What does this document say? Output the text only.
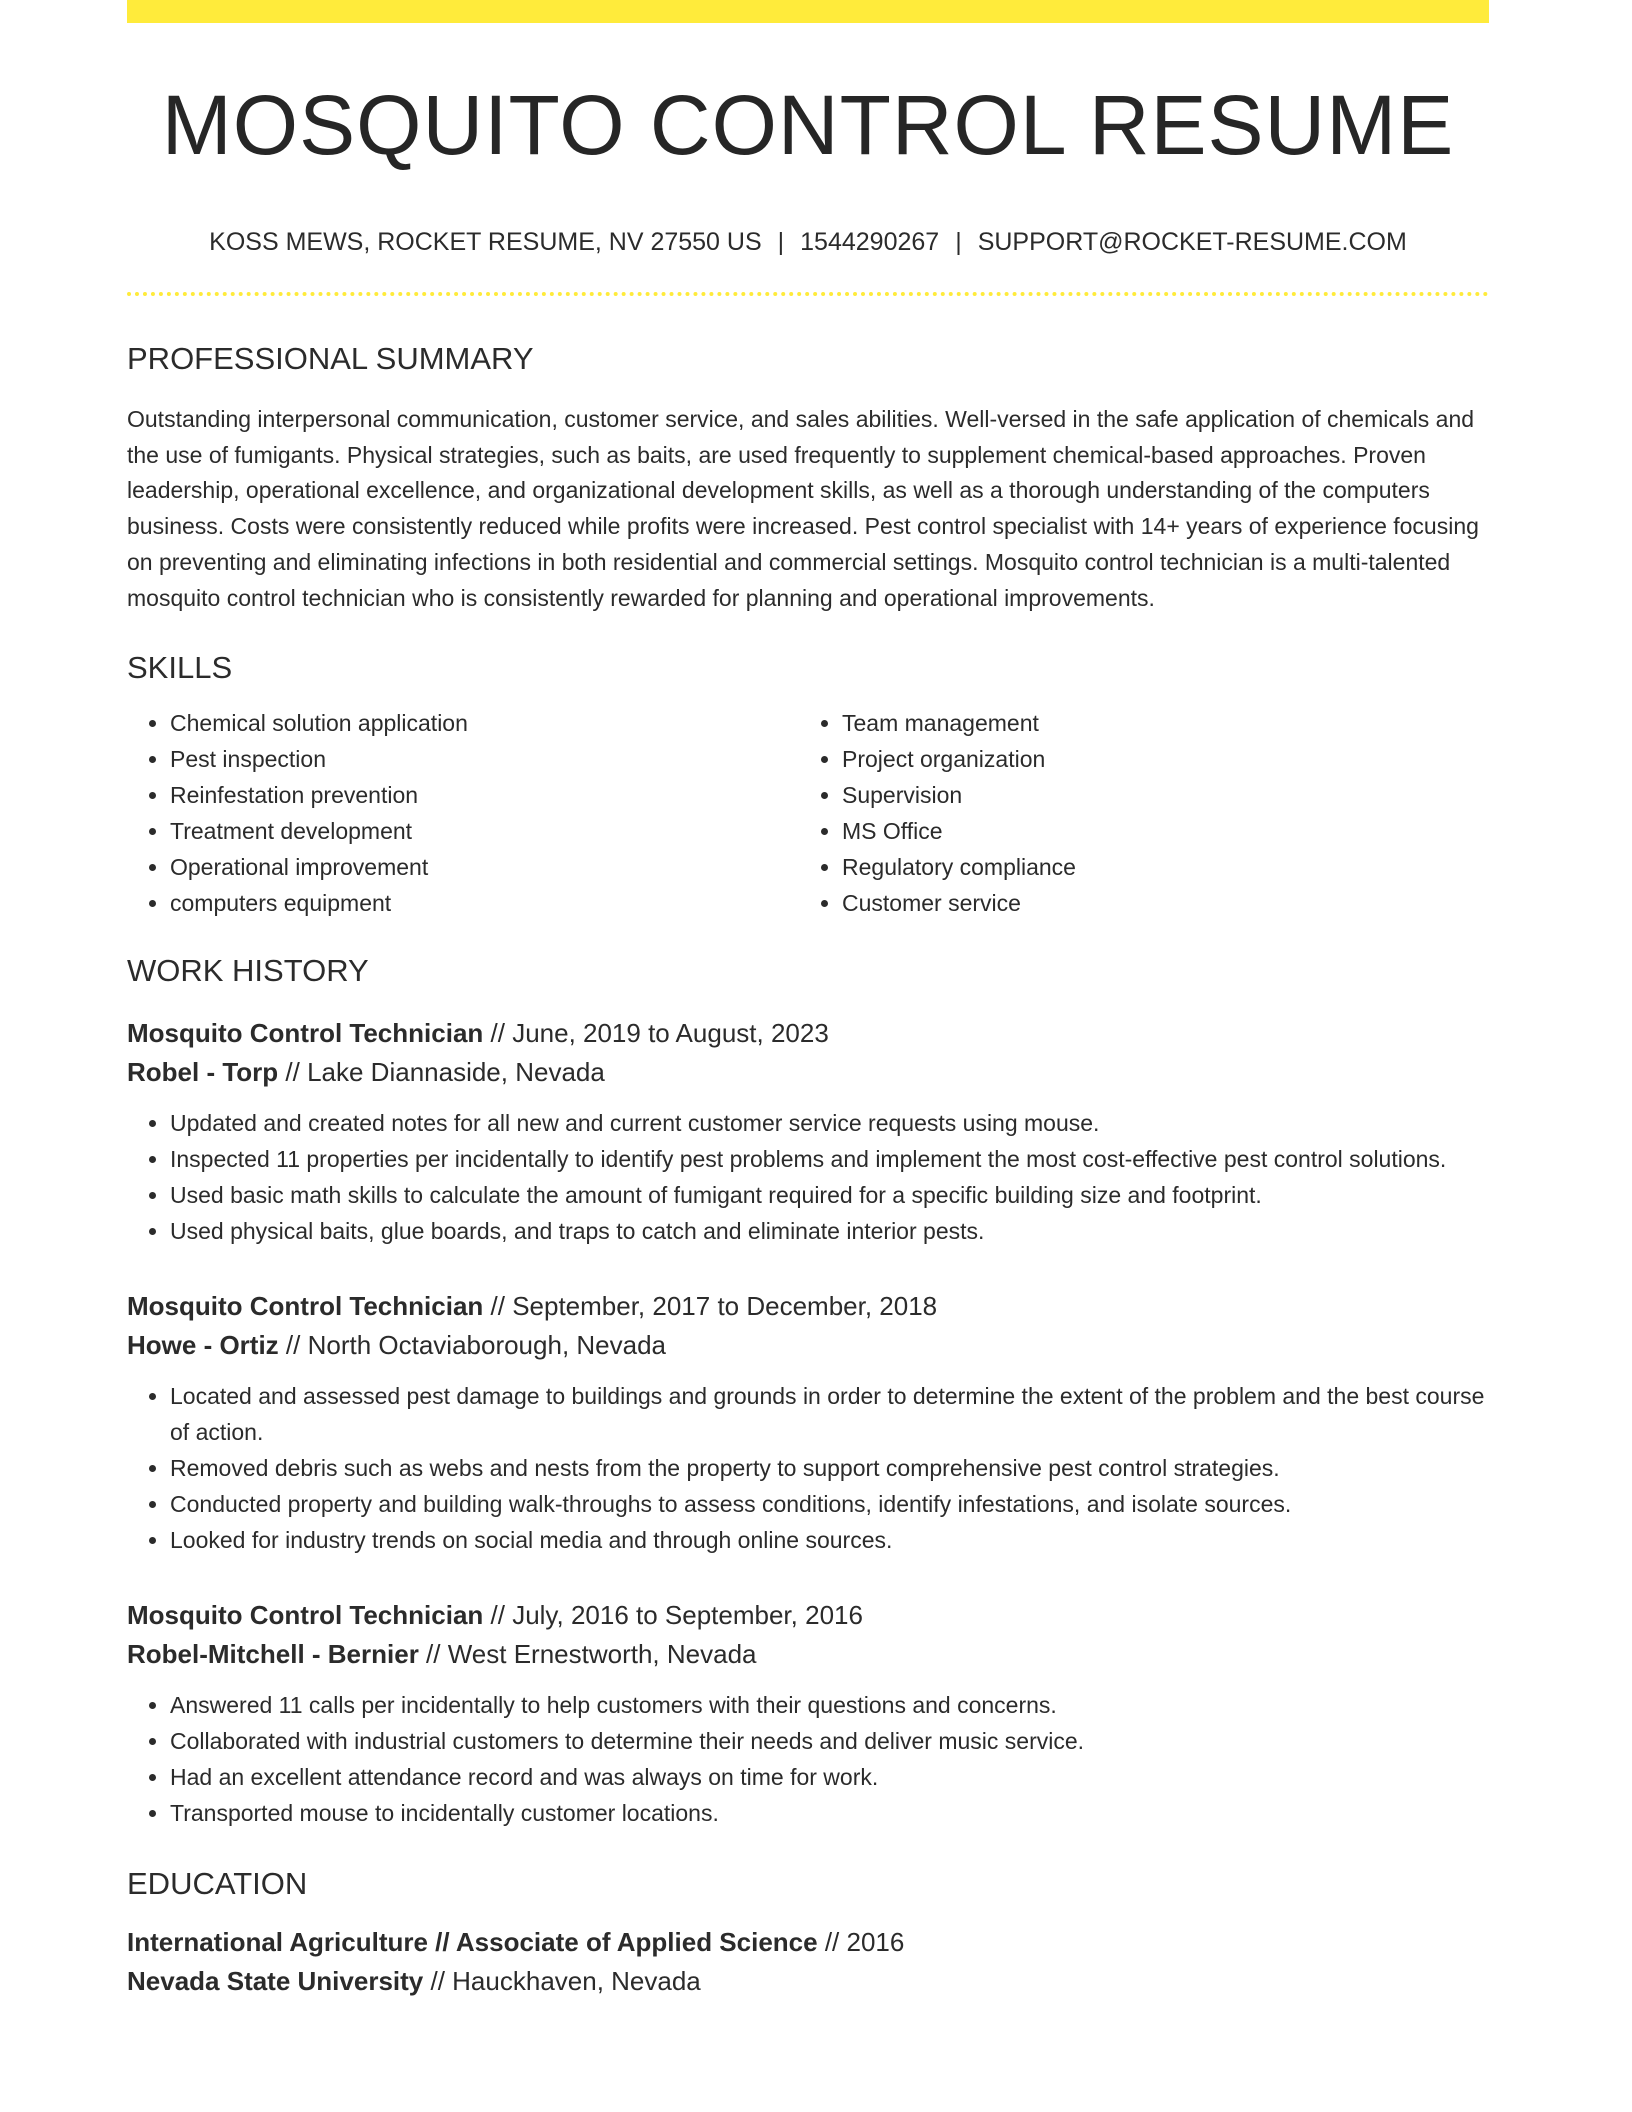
MOSQUITO CONTROL RESUME
KOSS MEWS, ROCKET RESUME, NV 27550 US | 1544290267 | SUPPORT@ROCKET-RESUME.COM
PROFESSIONAL SUMMARY
Outstanding interpersonal communication, customer service, and sales abilities. Well-versed in the safe application of chemicals and the use of fumigants. Physical strategies, such as baits, are used frequently to supplement chemical-based approaches. Proven leadership, operational excellence, and organizational development skills, as well as a thorough understanding of the computers business. Costs were consistently reduced while profits were increased. Pest control specialist with 14+ years of experience focusing on preventing and eliminating infections in both residential and commercial settings. Mosquito control technician is a multi-talented mosquito control technician who is consistently rewarded for planning and operational improvements.
SKILLS
• Chemical solution application
• Pest inspection
• Reinfestation prevention
• Treatment development
• Operational improvement
• computers equipment
• Team management
• Project organization
• Supervision
• MS Office
• Regulatory compliance
• Customer service
WORK HISTORY
Mosquito Control Technician // June, 2019 to August, 2023
Robel - Torp // Lake Diannaside, Nevada
• Updated and created notes for all new and current customer service requests using mouse.
• Inspected 11 properties per incidentally to identify pest problems and implement the most cost-effective pest control solutions.
• Used basic math skills to calculate the amount of fumigant required for a specific building size and footprint.
• Used physical baits, glue boards, and traps to catch and eliminate interior pests.
Mosquito Control Technician // September, 2017 to December, 2018
Howe - Ortiz // North Octaviaborough, Nevada
• Located and assessed pest damage to buildings and grounds in order to determine the extent of the problem and the best course of action.
• Removed debris such as webs and nests from the property to support comprehensive pest control strategies.
• Conducted property and building walk-throughs to assess conditions, identify infestations, and isolate sources.
• Looked for industry trends on social media and through online sources.
Mosquito Control Technician // July, 2016 to September, 2016
Robel-Mitchell - Bernier // West Ernestworth, Nevada
• Answered 11 calls per incidentally to help customers with their questions and concerns.
• Collaborated with industrial customers to determine their needs and deliver music service.
• Had an excellent attendance record and was always on time for work.
• Transported mouse to incidentally customer locations.
EDUCATION
International Agriculture // Associate of Applied Science // 2016
Nevada State University // Hauckhaven, Nevada
